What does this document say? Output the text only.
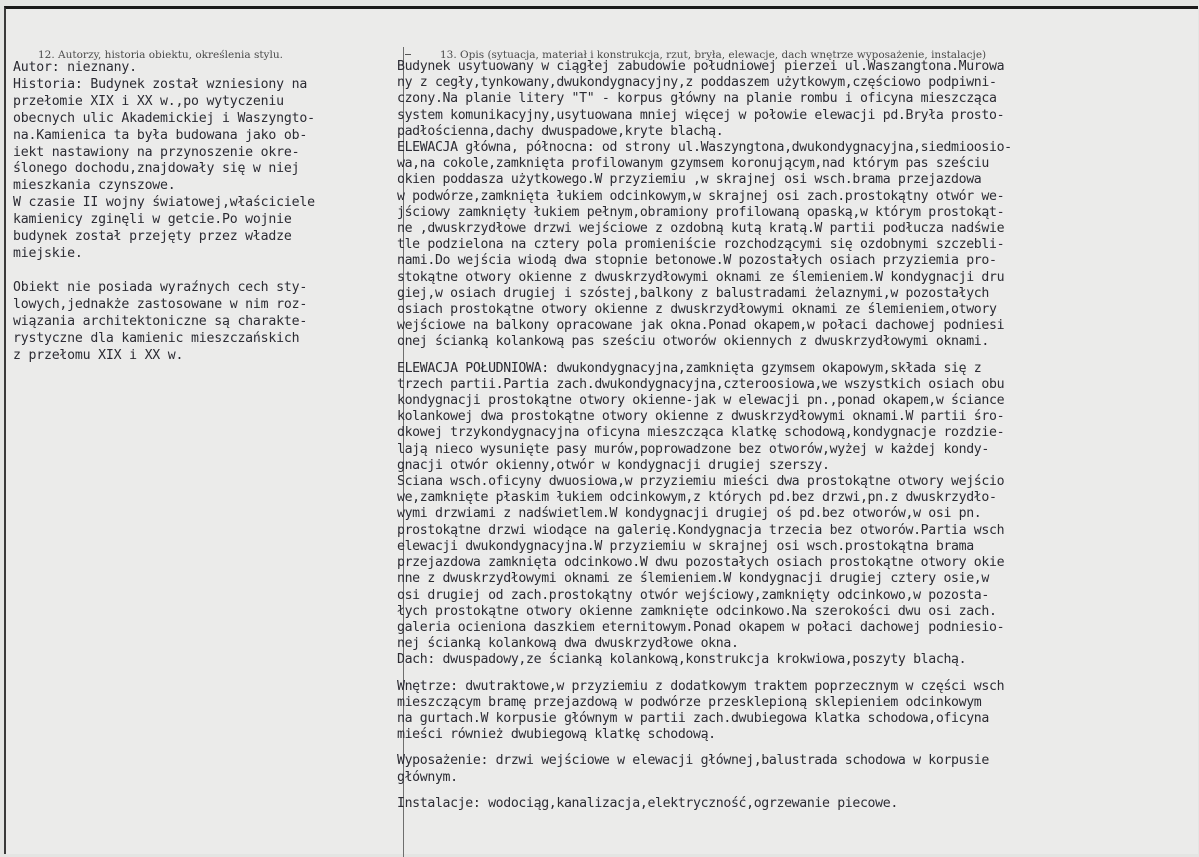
12. Autorzy, historia obiektu, określenia stylu.	13. Opis (sytuacja, materiał i konstrukcja, rzut, bryła, elewacje, dach wnętrze wyposażenie, instalacje)
Autor: nieznany.
Historia: Budynek został wzniesiony na
przełomie XIX i XX w.,po wytyczeniu
obecnych ulic Akademickiej i Waszyngto-
na.Kamienica ta była budowana jako ob-
iekt nastawiony na przynoszenie okre-
ślonego dochodu,znajdowały się w niej
mieszkania czynszowe.
W czasie II wojny światowej,właściciele
kamienicy zginęli w getcie.Po wojnie
budynek został przejęty przez władze
miejskie.
Obiekt nie posiada wyraźnych cech sty-
lowych,jednakże zastosowane w nim roz-
wiązania architektoniczne są charakte-
rystyczne dla kamienic mieszczańskich
z przełomu XIX i XX w.
Budynek usytuowany w ciągłej zabudowie południowej pierzei ul.Waszangtona.Murowa
ny z cegły,tynkowany,dwukondygnacyjny,z poddaszem użytkowym,częściowo podpiwni-
czony.Na planie litery "T" - korpus główny na planie rombu i oficyna mieszcząca
system komunikacyjny,usytuowana mniej więcej w połowie elewacji pd.Bryła prosto-
padłościenna,dachy dwuspadowe,kryte blachą.
ELEWACJA główna, północna: od strony ul.Waszyngtona,dwukondygnacyjna,siedmioosio-
wa,na cokole,zamknięta profilowanym gzymsem koronującym,nad którym pas sześciu
okien poddasza użytkowego.W przyziemiu ,w skrajnej osi wsch.brama przejazdowa
w podwórze,zamknięta łukiem odcinkowym,w skrajnej osi zach.prostokątny otwór we-
jściowy zamknięty łukiem pełnym,obramiony profilowaną opaską,w którym prostokąt-
ne ,dwuskrzydłowe drzwi wejściowe z ozdobną kutą kratą.W partii podłucza nadświe
tle podzielona na cztery pola promieniście rozchodzącymi się ozdobnymi szczebli-
nami.Do wejścia wiodą dwa stopnie betonowe.W pozostałych osiach przyziemia pro-
stokątne otwory okienne z dwuskrzydłowymi oknami ze ślemieniem.W kondygnacji dru
giej,w osiach drugiej i szóstej,balkony z balustradami żelaznymi,w pozostałych
osiach prostokątne otwory okienne z dwuskrzydłowymi oknami ze ślemieniem,otwory
wejściowe na balkony opracowane jak okna.Ponad okapem,w połaci dachowej podniesi
onej ścianką kolankową pas sześciu otworów okiennych z dwuskrzydłowymi oknami.
ELEWACJA POŁUDNIOWA: dwukondygnacyjna,zamknięta gzymsem okapowym,składa się z
trzech partii.Partia zach.dwukondygnacyjna,czteroosiowa,we wszystkich osiach obu
kondygnacji prostokątne otwory okienne-jak w elewacji pn.,ponad okapem,w ściance
kolankowej dwa prostokątne otwory okienne z dwuskrzydłowymi oknami.W partii śro-
dkowej trzykondygnacyjna oficyna mieszcząca klatkę schodową,kondygnacje rozdzie-
lają nieco wysunięte pasy murów,poprowadzone bez otworów,wyżej w każdej kondy-
gnacji otwór okienny,otwór w kondygnacji drugiej szerszy.
Ściana wsch.oficyny dwuosiowa,w przyziemiu mieści dwa prostokątne otwory wejścio
we,zamknięte płaskim łukiem odcinkowym,z których pd.bez drzwi,pn.z dwuskrzydło-
wymi drzwiami z nadświetlem.W kondygnacji drugiej oś pd.bez otworów,w osi pn.
prostokątne drzwi wiodące na galerię.Kondygnacja trzecia bez otworów.Partia wsch
elewacji dwukondygnacyjna.W przyziemiu w skrajnej osi wsch.prostokątna brama
przejazdowa zamknięta odcinkowo.W dwu pozostałych osiach prostokątne otwory okie
nne z dwuskrzydłowymi oknami ze ślemieniem.W kondygnacji drugiej cztery osie,w
osi drugiej od zach.prostokątny otwór wejściowy,zamknięty odcinkowo,w pozosta-
łych prostokątne otwory okienne zamknięte odcinkowo.Na szerokości dwu osi zach.
galeria ocieniona daszkiem eternitowym.Ponad okapem w połaci dachowej podniesio-
nej ścianką kolankową dwa dwuskrzydłowe okna.
Dach: dwuspadowy,ze ścianką kolankową,konstrukcja krokwiowa,poszyty blachą.
Wnętrze: dwutraktowe,w przyziemiu z dodatkowym traktem poprzecznym w części wsch
mieszczącym bramę przejazdową w podwórze przesklepioną sklepieniem odcinkowym
na gurtach.W korpusie głównym w partii zach.dwubiegowa klatka schodowa,oficyna
mieści również dwubiegową klatkę schodową.
Wyposażenie: drzwi wejściowe w elewacji głównej,balustrada schodowa w korpusie
głównym.
Instalacje: wodociąg,kanalizacja,elektryczność,ogrzewanie piecowe.
